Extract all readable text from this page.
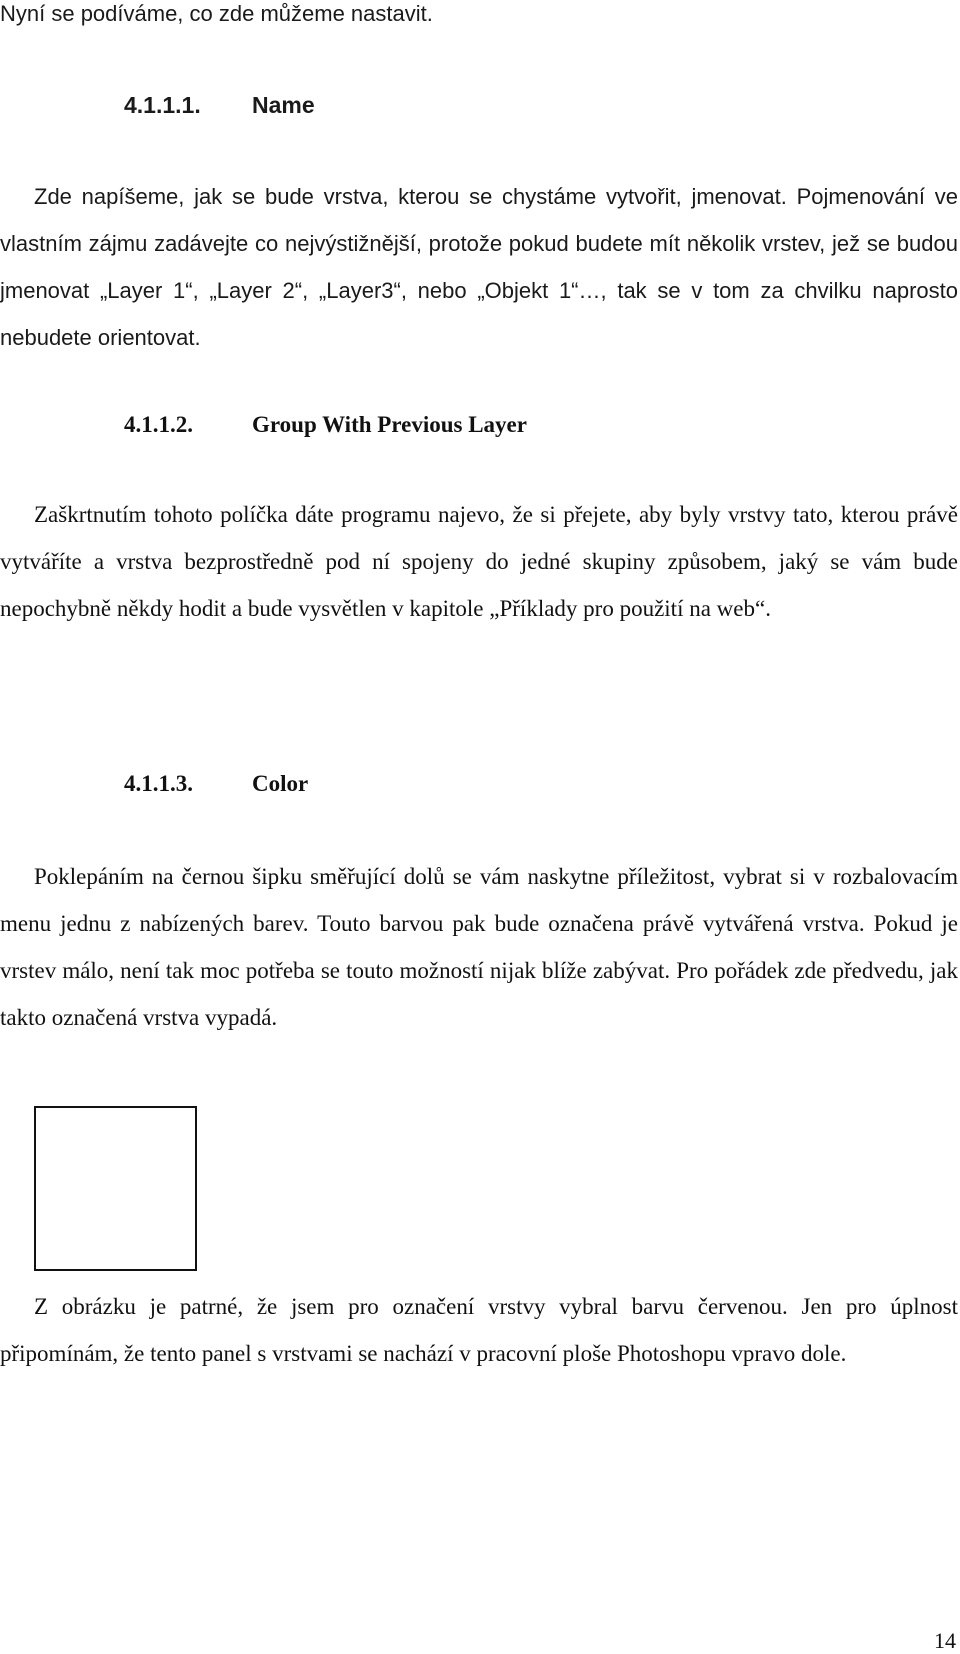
Nyní se podíváme, co zde můžeme nastavit.

4.1.1.1. Name

Zde napíšeme, jak se bude vrstva, kterou se chystáme vytvořit, jmenovat. Pojmenování ve vlastním zájmu zadávejte co nejvýstižnější, protože pokud budete mít několik vrstev, jež se budou jmenovat „Layer 1“, „Layer 2“, „Layer3“, nebo „Objekt 1“…, tak se v tom za chvilku naprosto nebudete orientovat.

4.1.1.2.	Group With Previous Layer

Zaškrtnutím tohoto políčka dáte programu najevo, že si přejete, aby byly vrstvy tato, kterou právě vytváříte a vrstva bezprostředně pod ní spojeny do jedné skupiny způsobem, jaký se vám bude nepochybně někdy hodit a bude vysvětlen v kapitole „Příklady pro použití na web“.

4.1.1.3.	Color

Poklepáním na černou šipku směřující dolů se vám naskytne příležitost, vybrat si v rozbalovacím menu jednu z nabízených barev. Touto barvou pak bude označena právě vytvářená vrstva. Pokud je vrstev málo, není tak moc potřeba se touto možností nijak blíže zabývat. Pro pořádek zde předvedu, jak takto označená vrstva vypadá.

Z obrázku je patrné, že jsem pro označení vrstvy vybral barvu červenou. Jen pro úplnost připomínám, že tento panel s vrstvami se nachází v pracovní ploše Photoshopu vpravo dole.

14
